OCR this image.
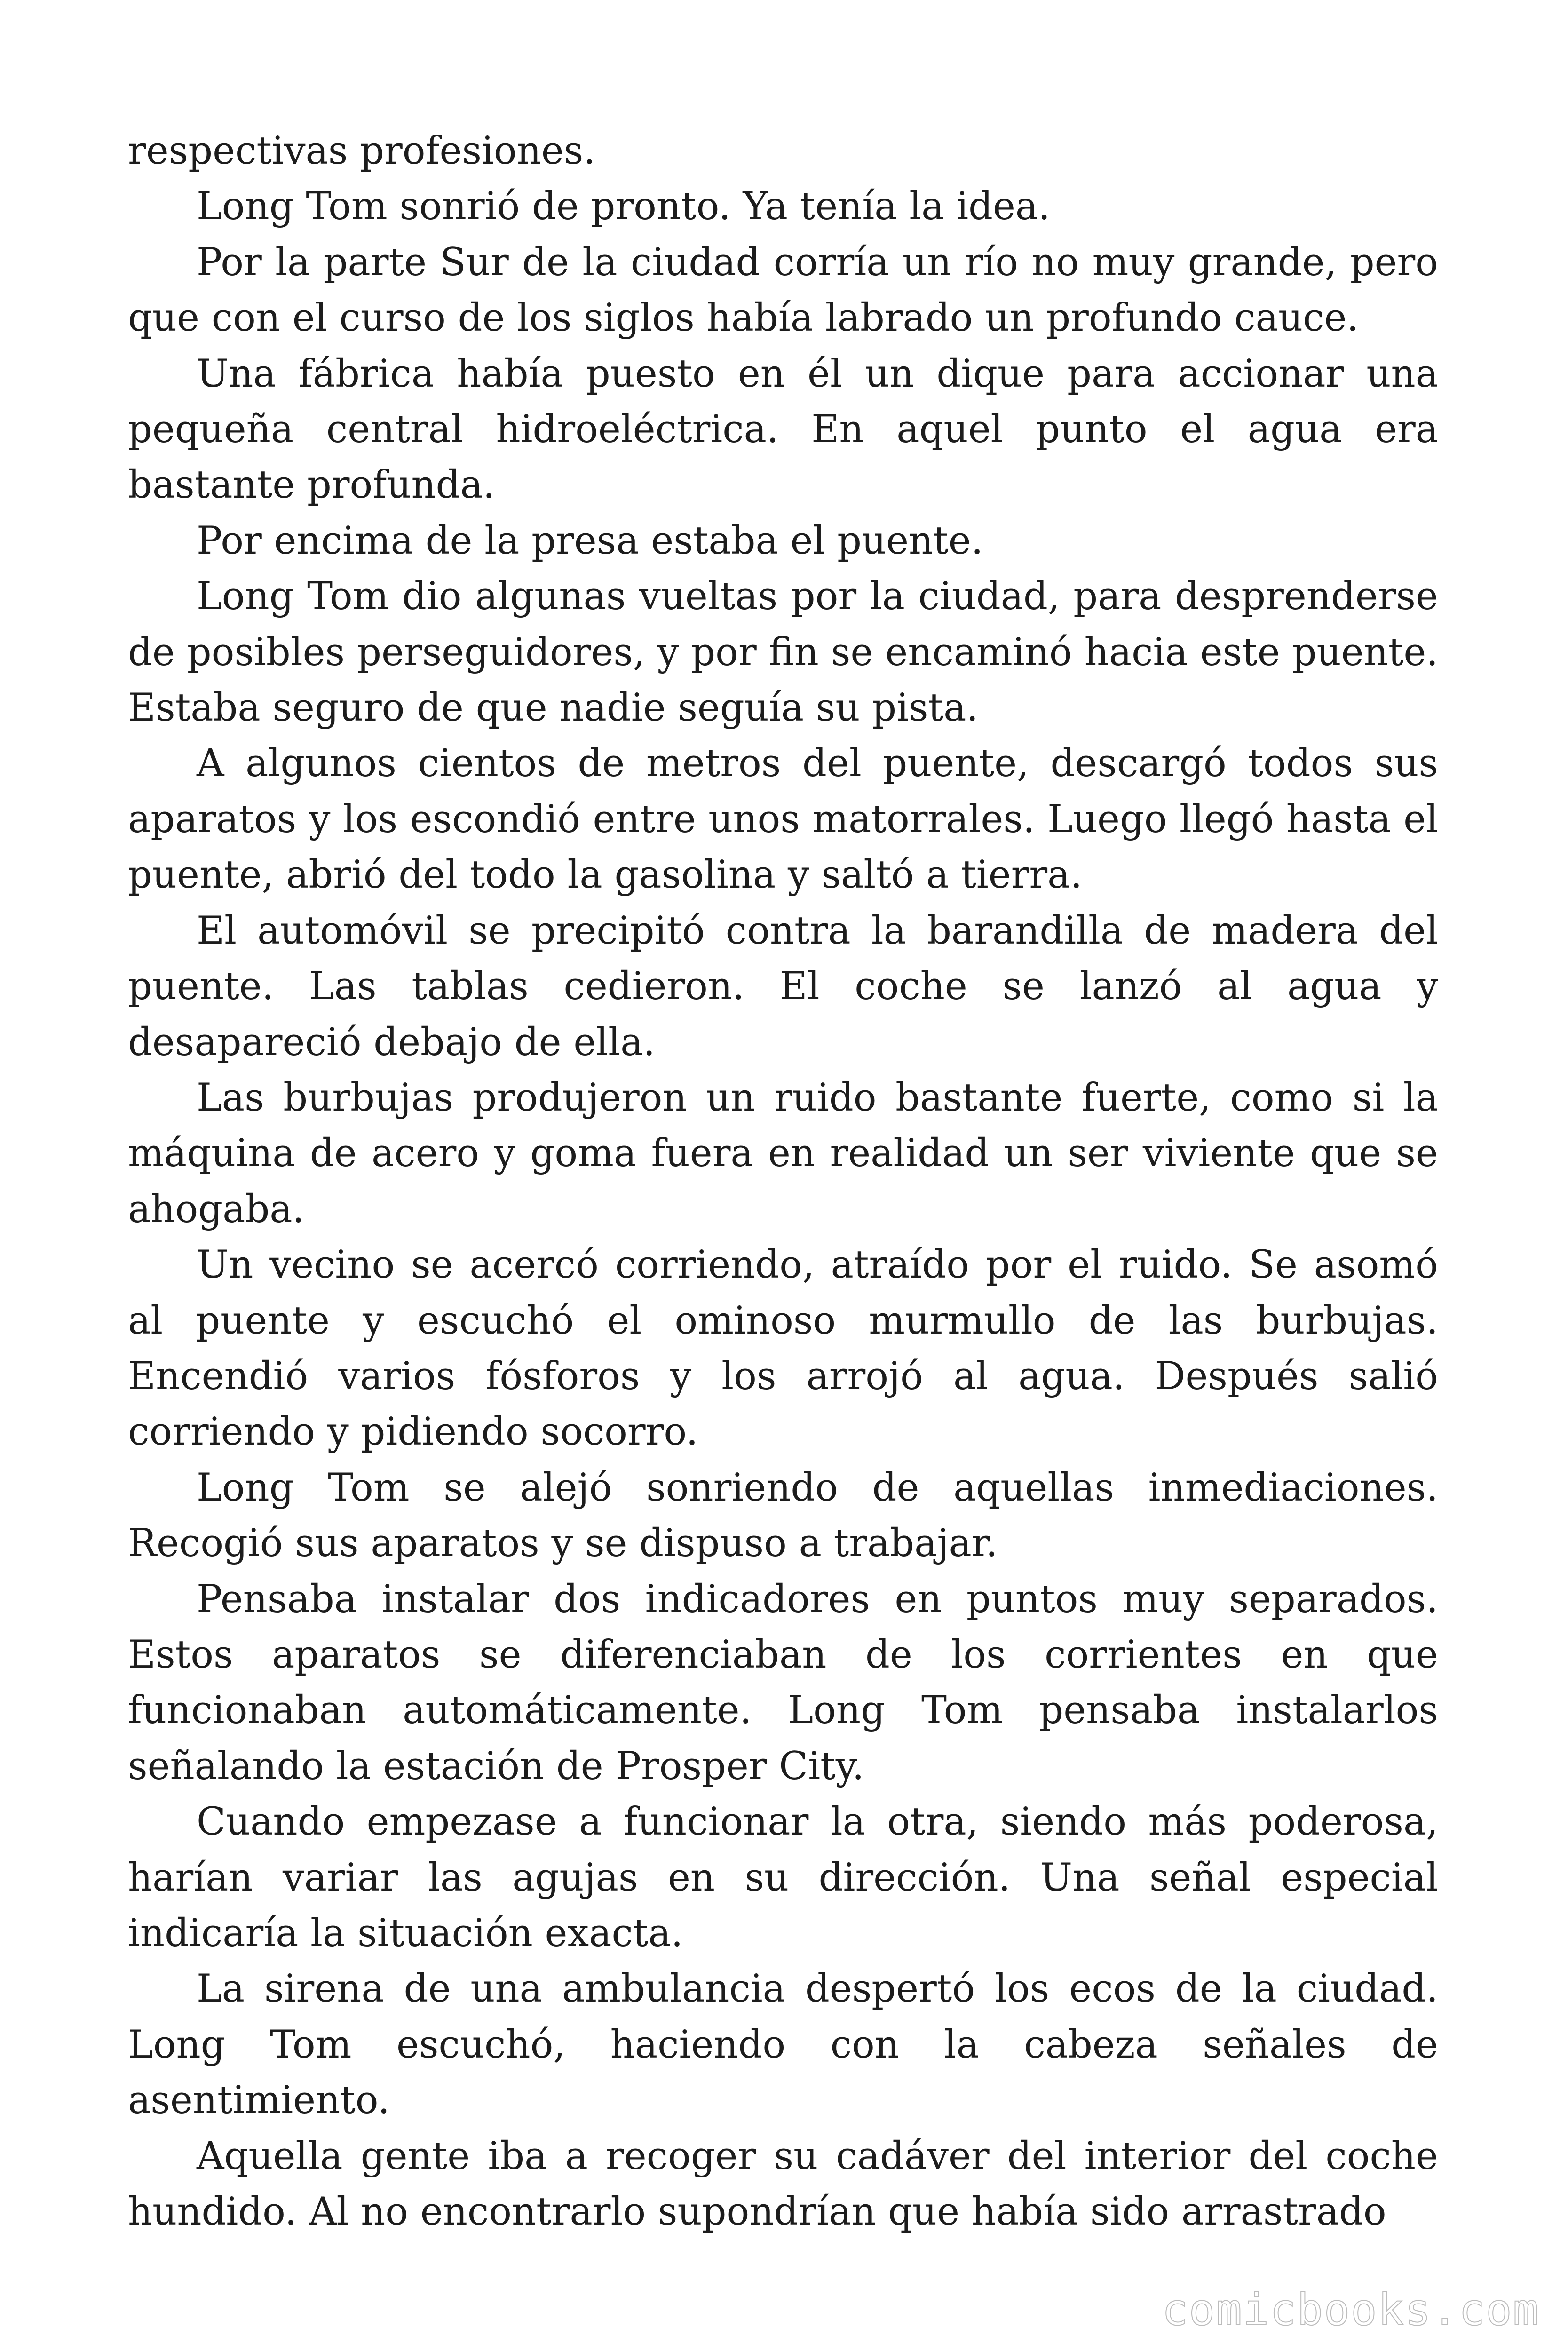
respectivas profesiones.

Long Tom sonrió de pronto. Ya tenía la idea.

Por la parte Sur de la ciudad corría un río no muy grande, pero que con el curso de los siglos había labrado un profundo cauce.

Una fábrica había puesto en él un dique para accionar una pequeña central hidroeléctrica. En aquel punto el agua era bastante profunda.

Por encima de la presa estaba el puente.

Long Tom dio algunas vueltas por la ciudad, para desprenderse de posibles perseguidores, y por fin se encaminó hacia este puente. Estaba seguro de que nadie seguía su pista.

A algunos cientos de metros del puente, descargó todos sus aparatos y los escondió entre unos matorrales. Luego llegó hasta el puente, abrió del todo la gasolina y saltó a tierra.

El automóvil se precipitó contra la barandilla de madera del puente. Las tablas cedieron. El coche se lanzó al agua y desapareció debajo de ella.

Las burbujas produjeron un ruido bastante fuerte, como si la máquina de acero y goma fuera en realidad un ser viviente que se ahogaba.

Un vecino se acercó corriendo, atraído por el ruido. Se asomó al puente y escuchó el ominoso murmullo de las burbujas. Encendió varios fósforos y los arrojó al agua. Después salió corriendo y pidiendo socorro.

Long Tom se alejó sonriendo de aquellas inmediaciones. Recogió sus aparatos y se dispuso a trabajar.

Pensaba instalar dos indicadores en puntos muy separados. Estos aparatos se diferenciaban de los corrientes en que funcionaban automáticamente. Long Tom pensaba instalarlos señalando la estación de Prosper City.

Cuando empezase a funcionar la otra, siendo más poderosa, harían variar las agujas en su dirección. Una señal especial indicaría la situación exacta.

La sirena de una ambulancia despertó los ecos de la ciudad. Long Tom escuchó, haciendo con la cabeza señales de asentimiento.

Aquella gente iba a recoger su cadáver del interior del coche hundido. Al no encontrarlo supondrían que había sido arrastrado

comicbooks.com
